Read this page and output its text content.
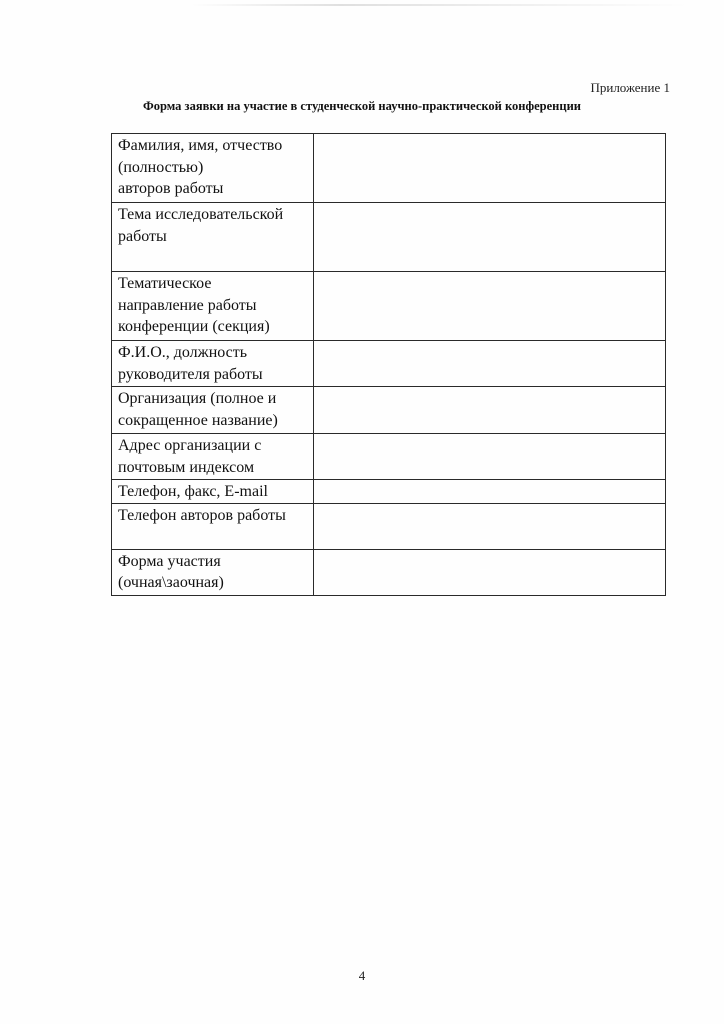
Приложение 1
Форма заявки на участие в студенческой научно-практической конференции
Фамилия, имя, отчество
(полностью)
авторов работы	

Тема исследовательской
работы	

Тематическое
направление работы
конференции (секция)	

Ф.И.О., должность
руководителя работы	

Организация (полное и
сокращенное название)	

Адрес организации с
почтовым индексом	

Телефон, факс, E-mail	

Телефон авторов работы	

Форма участия
(очная\заочная)	

4
